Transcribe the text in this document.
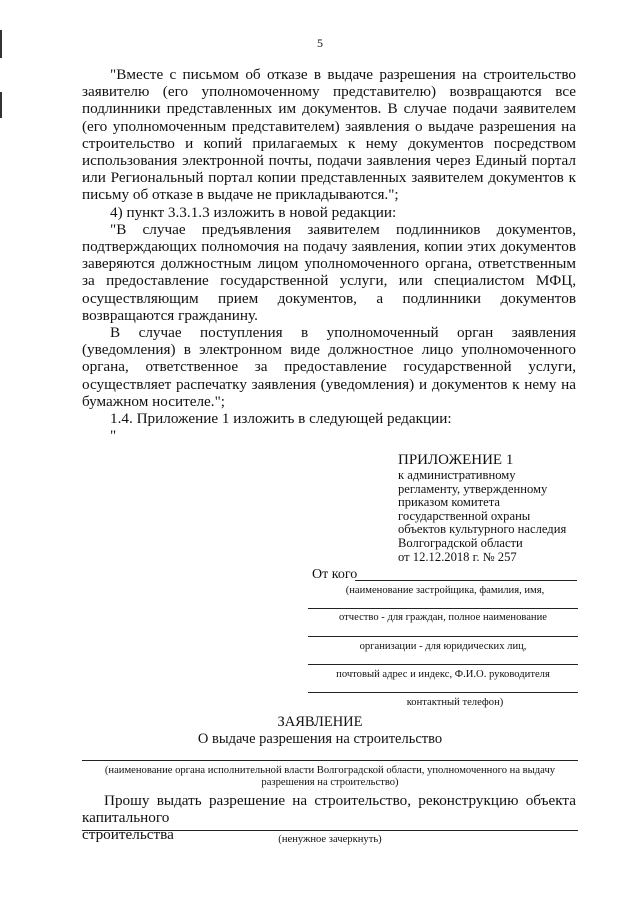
5

"Вместе с письмом об отказе в выдаче разрешения на строительство заявителю (его уполномоченному представителю) возвращаются все подлинники представленных им документов. В случае подачи заявителем (его уполномоченным представителем) заявления о выдаче разрешения на строительство и копий прилагаемых к нему документов посредством использования электронной почты, подачи заявления через Единый портал или Региональный портал копии представленных заявителем документов к письму об отказе в выдаче не прикладываются.";

4) пункт 3.3.1.3 изложить в новой редакции:

"В случае предъявления заявителем подлинников документов, подтверждающих полномочия на подачу заявления, копии этих документов заверяются должностным лицом уполномоченного органа, ответственным за предоставление государственной услуги, или специалистом МФЦ, осуществляющим прием документов, а подлинники документов возвращаются гражданину.

В случае поступления в уполномоченный орган заявления (уведомления) в электронном виде должностное лицо уполномоченного органа, ответственное за предоставление государственной услуги, осуществляет распечатку заявления (уведомления) и документов к нему на бумажном носителе.";

1.4. Приложение 1 изложить в следующей редакции:

"

ПРИЛОЖЕНИЕ 1
к административному
регламенту, утвержденному
приказом комитета
государственной охраны
объектов культурного наследия
Волгоградской области
от 12.12.2018 г. № 257
От кого
(наименование застройщика, фамилия, имя,
отчество - для граждан, полное наименование
организации - для юридических лиц,
почтовый адрес и индекс, Ф.И.О. руководителя
контактный телефон)
ЗАЯВЛЕНИЕ
О выдаче разрешения на строительство
(наименование органа исполнительной власти Волгоградской области, уполномоченного на выдачу
разрешения на строительство)

Прошу выдать разрешение на строительство, реконструкцию объекта капитального

строительства	(ненужное зачеркнуть)
